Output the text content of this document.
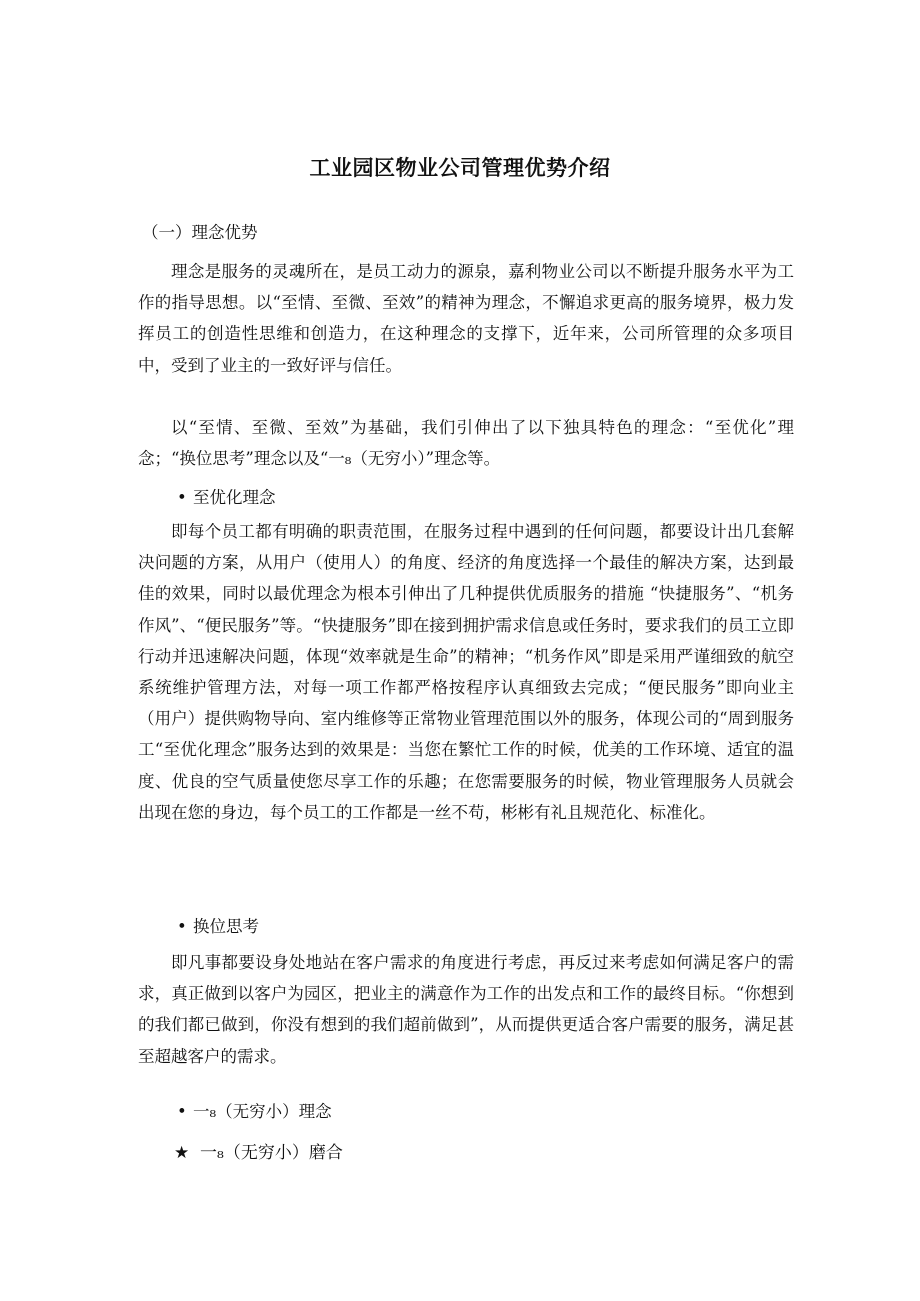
工业园区物业公司管理优势介绍
（一）理念优势

理念是服务的灵魂所在，是员工动力的源泉，嘉利物业公司以不断提升服务水平为工作的指导思想。以“至情、至微、至效”的精神为理念，不懈追求更高的服务境界，极力发挥员工的创造性思维和创造力，在这种理念的支撑下，近年来，公司所管理的众多项目中，受到了业主的一致好评与信任。

以“至情、至微、至效”为基础，我们引伸出了以下独具特色的理念：“至优化”理念；“换位思考”理念以及“一₈（无穷小）”理念等。

• 至优化理念

即每个员工都有明确的职责范围，在服务过程中遇到的任何问题，都要设计出几套解决问题的方案，从用户（使用人）的角度、经济的角度选择一个最佳的解决方案，达到最佳的效果，同时以最优理念为根本引伸出了几种提供优质服务的措施 “快捷服务”、“机务作风”、“便民服务”等。“快捷服务”即在接到拥护需求信息或任务时，要求我们的员工立即行动并迅速解决问题，体现“效率就是生命”的精神；“机务作风”即是采用严谨细致的航空系统维护管理方法，对每一项工作都严格按程序认真细致去完成；“便民服务”即向业主（用户）提供购物导向、室内维修等正常物业管理范围以外的服务，体现公司的“周到服务工“至优化理念”服务达到的效果是：当您在繁忙工作的时候，优美的工作环境、适宜的温度、优良的空气质量使您尽享工作的乐趣；在您需要服务的时候，物业管理服务人员就会出现在您的身边，每个员工的工作都是一丝不苟，彬彬有礼且规范化、标准化。

• 换位思考

即凡事都要设身处地站在客户需求的角度进行考虑，再反过来考虑如何满足客户的需求，真正做到以客户为园区，把业主的满意作为工作的出发点和工作的最终目标。“你想到的我们都已做到，你没有想到的我们超前做到”，从而提供更适合客户需要的服务，满足甚至超越客户的需求。

• 一₈（无穷小）理念
★ 一₈（无穷小）磨合
